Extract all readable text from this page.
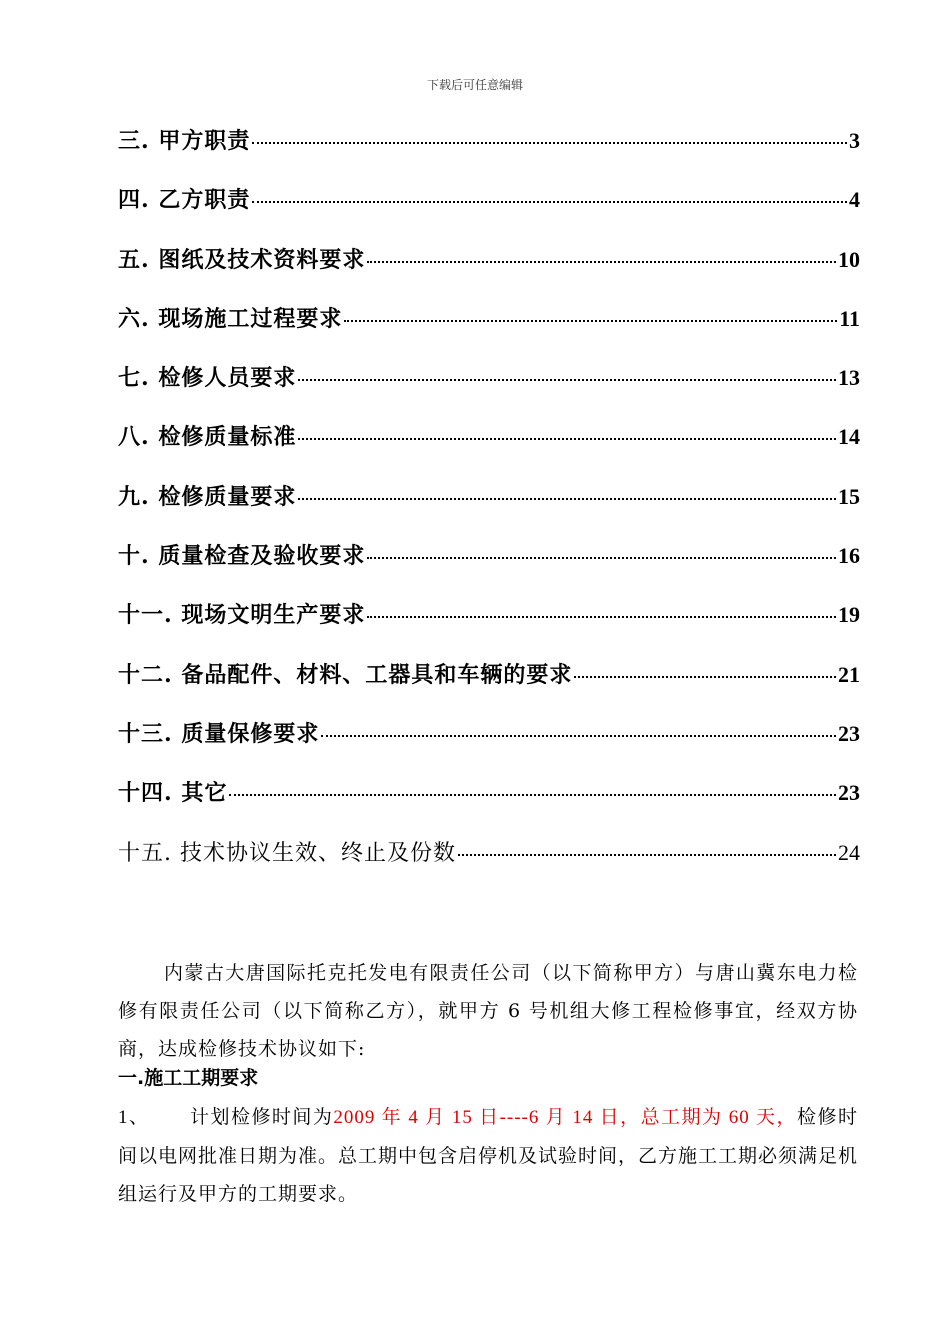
下载后可任意编辑
三. 甲方职责	3
四. 乙方职责	4
五. 图纸及技术资料要求	10
六. 现场施工过程要求	11
七. 检修人员要求	13
八. 检修质量标准	14
九. 检修质量要求	15
十. 质量检查及验收要求	16
十一. 现场文明生产要求	19
十二. 备品配件、材料、工器具和车辆的要求	21
十三. 质量保修要求	23
十四. 其它	23
十五. 技术协议生效、终止及份数	24

内蒙古大唐国际托克托发电有限责任公司（以下简称甲方）与唐山冀东电力检修有限责任公司（以下简称乙方），就甲方 6 号机组大修工程检修事宜，经双方协商，达成检修技术协议如下:

一.施工工期要求
1、 计划检修时间为2009 年 4 月 15 日----6 月 14 日，总工期为 60 天，检修时间以电网批准日期为准。总工期中包含启停机及试验时间，乙方施工工期必须满足机组运行及甲方的工期要求。
